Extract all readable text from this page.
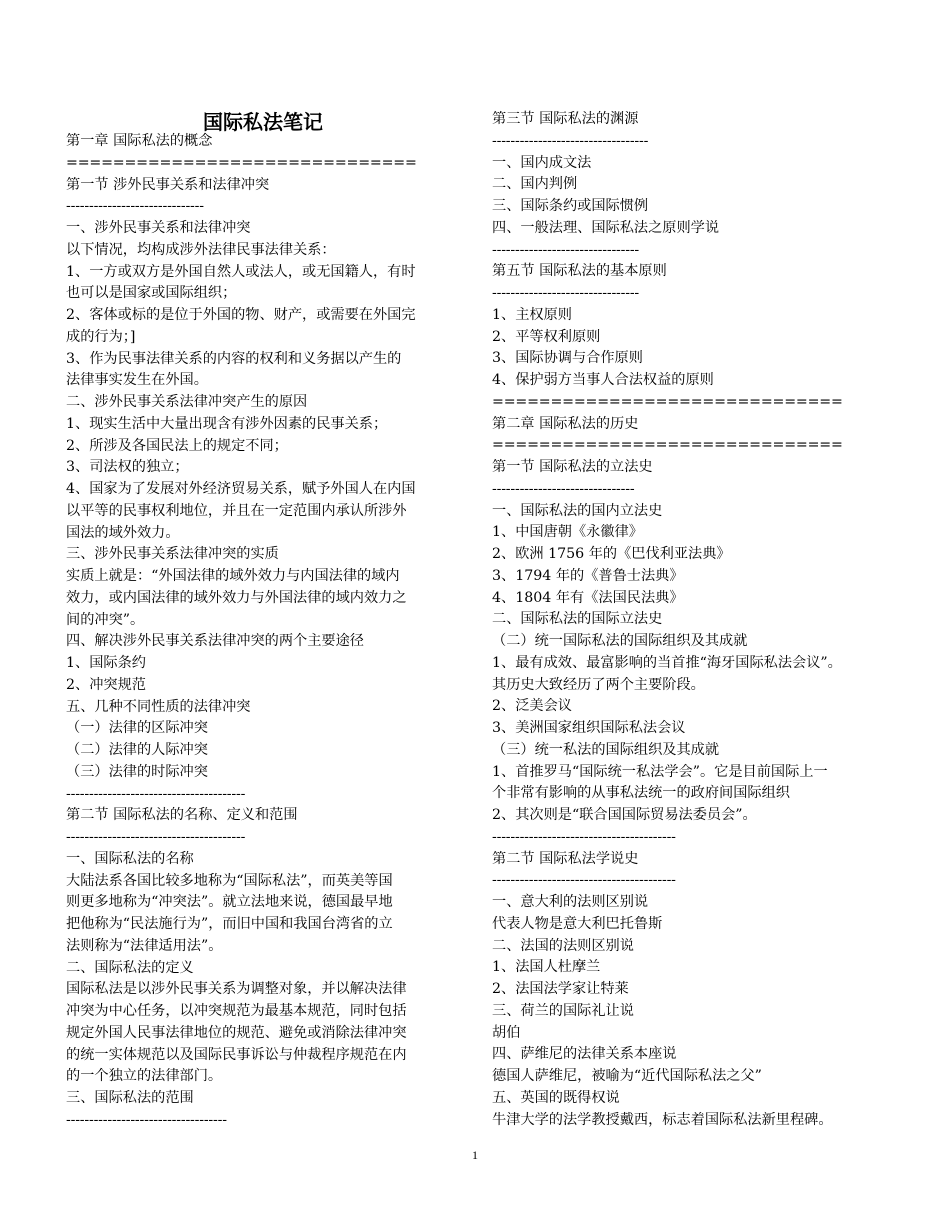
国际私法笔记
第一章 国际私法的概念
==============================
第一节 涉外民事关系和法律冲突
------------------------------
一、涉外民事关系和法律冲突
以下情况，均构成涉外法律民事法律关系：
1、一方或双方是外国自然人或法人，或无国籍人，有时
也可以是国家或国际组织；
2、客体或标的是位于外国的物、财产，或需要在外国完
成的行为；]
3、作为民事法律关系的内容的权利和义务据以产生的
法律事实发生在外国。
二、涉外民事关系法律冲突产生的原因
1、现实生活中大量出现含有涉外因素的民事关系；
2、所涉及各国民法上的规定不同；
3、司法权的独立；
4、国家为了发展对外经济贸易关系，赋予外国人在内国
以平等的民事权利地位，并且在一定范围内承认所涉外
国法的域外效力。
三、涉外民事关系法律冲突的实质
实质上就是：“外国法律的域外效力与内国法律的域内
效力，或内国法律的域外效力与外国法律的域内效力之
间的冲突”。
四、解决涉外民事关系法律冲突的两个主要途径
1、国际条约
2、冲突规范
五、几种不同性质的法律冲突
（一）法律的区际冲突
（二）法律的人际冲突
（三）法律的时际冲突
---------------------------------------
第二节 国际私法的名称、定义和范围
---------------------------------------
一、国际私法的名称
大陆法系各国比较多地称为“国际私法”，而英美等国
则更多地称为“冲突法”。就立法地来说，德国最早地
把他称为“民法施行为”，而旧中国和我国台湾省的立
法则称为“法律适用法”。
二、国际私法的定义
国际私法是以涉外民事关系为调整对象，并以解决法律
冲突为中心任务，以冲突规范为最基本规范，同时包括
规定外国人民事法律地位的规范、避免或消除法律冲突
的统一实体规范以及国际民事诉讼与仲裁程序规范在内
的一个独立的法律部门。
三、国际私法的范围
-----------------------------------
第三节 国际私法的渊源
----------------------------------
一、国内成文法
二、国内判例
三、国际条约或国际惯例
四、一般法理、国际私法之原则学说
--------------------------------
第五节 国际私法的基本原则
--------------------------------
1、主权原则
2、平等权利原则
3、国际协调与合作原则
4、保护弱方当事人合法权益的原则
==============================
第二章 国际私法的历史
==============================
第一节 国际私法的立法史
-------------------------------
一、国际私法的国内立法史
1、中国唐朝《永徽律》
2、欧洲 1756 年的《巴伐利亚法典》
3、1794 年的《普鲁士法典》
4、1804 年有《法国民法典》
二、国际私法的国际立法史
（二）统一国际私法的国际组织及其成就
1、最有成效、最富影响的当首推“海牙国际私法会议”。
其历史大致经历了两个主要阶段。
2、泛美会议
3、美洲国家组织国际私法会议
（三）统一私法的国际组织及其成就
1、首推罗马“国际统一私法学会”。它是目前国际上一
个非常有影响的从事私法统一的政府间国际组织
2、其次则是“联合国国际贸易法委员会”。
----------------------------------------
第二节 国际私法学说史
----------------------------------------
一、意大利的法则区别说
代表人物是意大利巴托鲁斯
二、法国的法则区别说
1、法国人杜摩兰
2、法国法学家让特莱
三、荷兰的国际礼让说
胡伯
四、萨维尼的法律关系本座说
德国人萨维尼，被喻为“近代国际私法之父”
五、英国的既得权说
牛津大学的法学教授戴西，标志着国际私法新里程碑。
1
